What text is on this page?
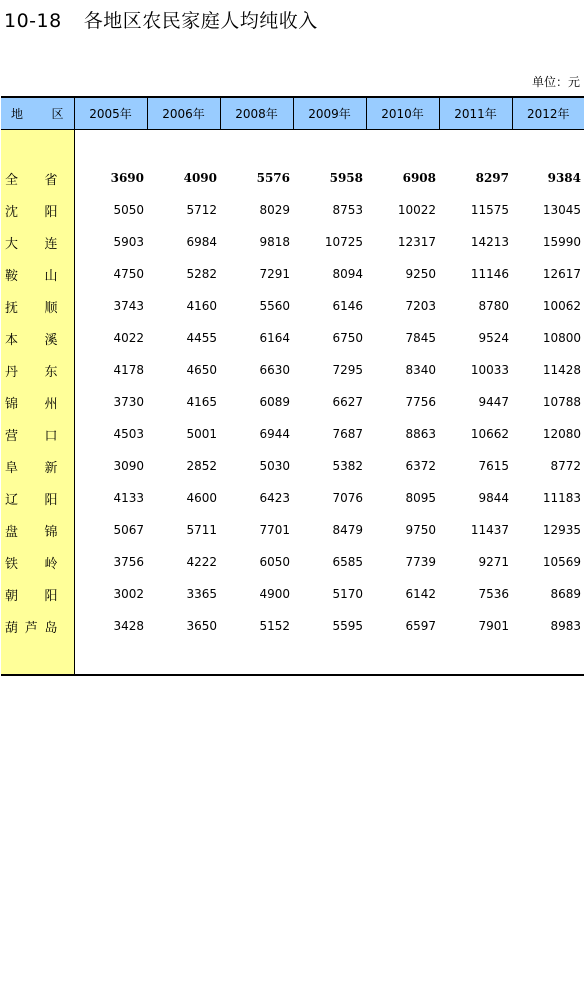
10-18 各地区农民家庭人均纯收入
单位：元
地　区	2005年	2006年	2008年	2009年	2010年	2011年	2012年

全省	3690	4090	5576	5958	6908	8297	9384
沈阳	5050	5712	8029	8753	10022	11575	13045
大连	5903	6984	9818	10725	12317	14213	15990
鞍山	4750	5282	7291	8094	9250	11146	12617
抚顺	3743	4160	5560	6146	7203	8780	10062
本溪	4022	4455	6164	6750	7845	9524	10800
丹东	4178	4650	6630	7295	8340	10033	11428
锦州	3730	4165	6089	6627	7756	9447	10788
营口	4503	5001	6944	7687	8863	10662	12080
阜新	3090	2852	5030	5382	6372	7615	8772
辽阳	4133	4600	6423	7076	8095	9844	11183
盘锦	5067	5711	7701	8479	9750	11437	12935
铁岭	3756	4222	6050	6585	7739	9271	10569
朝阳	3002	3365	4900	5170	6142	7536	8689
葫芦岛	3428	3650	5152	5595	6597	7901	8983
